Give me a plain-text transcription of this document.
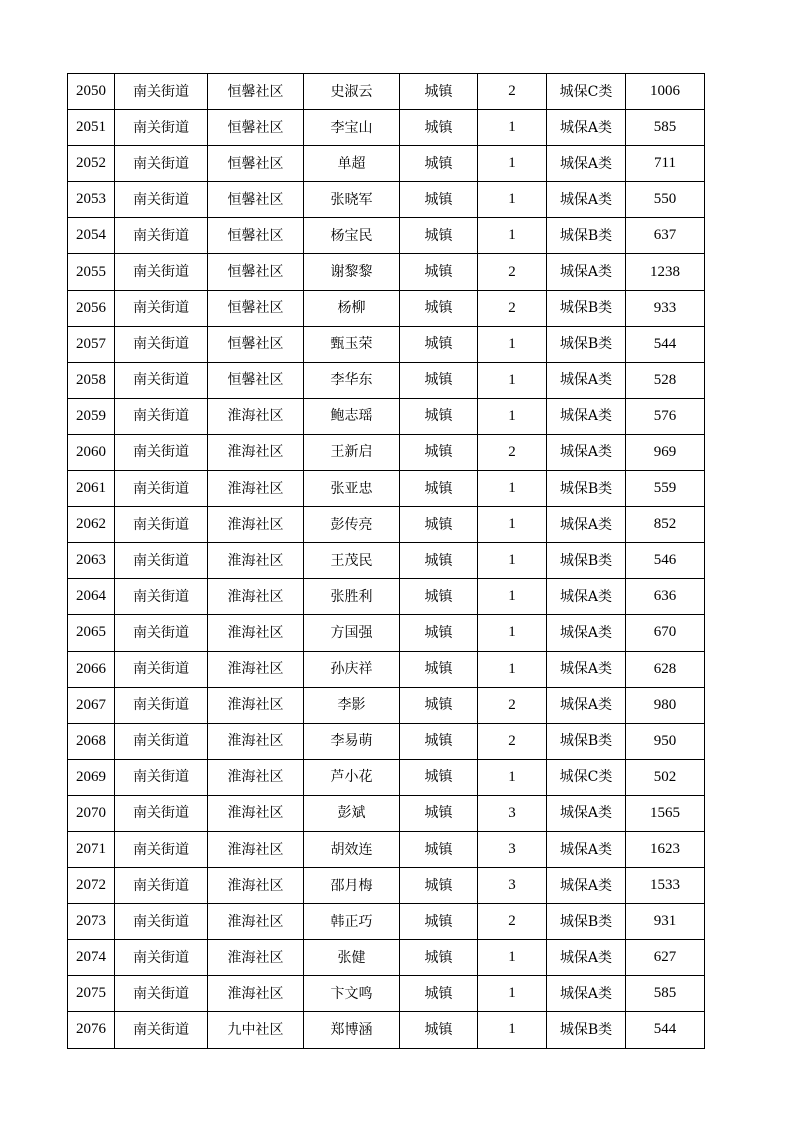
2050	南关街道	恒馨社区	史淑云	城镇	2	城保C类	1006
2051	南关街道	恒馨社区	李宝山	城镇	1	城保A类	585
2052	南关街道	恒馨社区	单超	城镇	1	城保A类	711
2053	南关街道	恒馨社区	张晓军	城镇	1	城保A类	550
2054	南关街道	恒馨社区	杨宝民	城镇	1	城保B类	637
2055	南关街道	恒馨社区	谢黎黎	城镇	2	城保A类	1238
2056	南关街道	恒馨社区	杨柳	城镇	2	城保B类	933
2057	南关街道	恒馨社区	甄玉荣	城镇	1	城保B类	544
2058	南关街道	恒馨社区	李华东	城镇	1	城保A类	528
2059	南关街道	淮海社区	鲍志瑶	城镇	1	城保A类	576
2060	南关街道	淮海社区	王新启	城镇	2	城保A类	969
2061	南关街道	淮海社区	张亚忠	城镇	1	城保B类	559
2062	南关街道	淮海社区	彭传亮	城镇	1	城保A类	852
2063	南关街道	淮海社区	王茂民	城镇	1	城保B类	546
2064	南关街道	淮海社区	张胜利	城镇	1	城保A类	636
2065	南关街道	淮海社区	方国强	城镇	1	城保A类	670
2066	南关街道	淮海社区	孙庆祥	城镇	1	城保A类	628
2067	南关街道	淮海社区	李影	城镇	2	城保A类	980
2068	南关街道	淮海社区	李易萌	城镇	2	城保B类	950
2069	南关街道	淮海社区	芦小花	城镇	1	城保C类	502
2070	南关街道	淮海社区	彭斌	城镇	3	城保A类	1565
2071	南关街道	淮海社区	胡效连	城镇	3	城保A类	1623
2072	南关街道	淮海社区	邵月梅	城镇	3	城保A类	1533
2073	南关街道	淮海社区	韩正巧	城镇	2	城保B类	931
2074	南关街道	淮海社区	张健	城镇	1	城保A类	627
2075	南关街道	淮海社区	卞文鸣	城镇	1	城保A类	585
2076	南关街道	九中社区	郑博涵	城镇	1	城保B类	544
